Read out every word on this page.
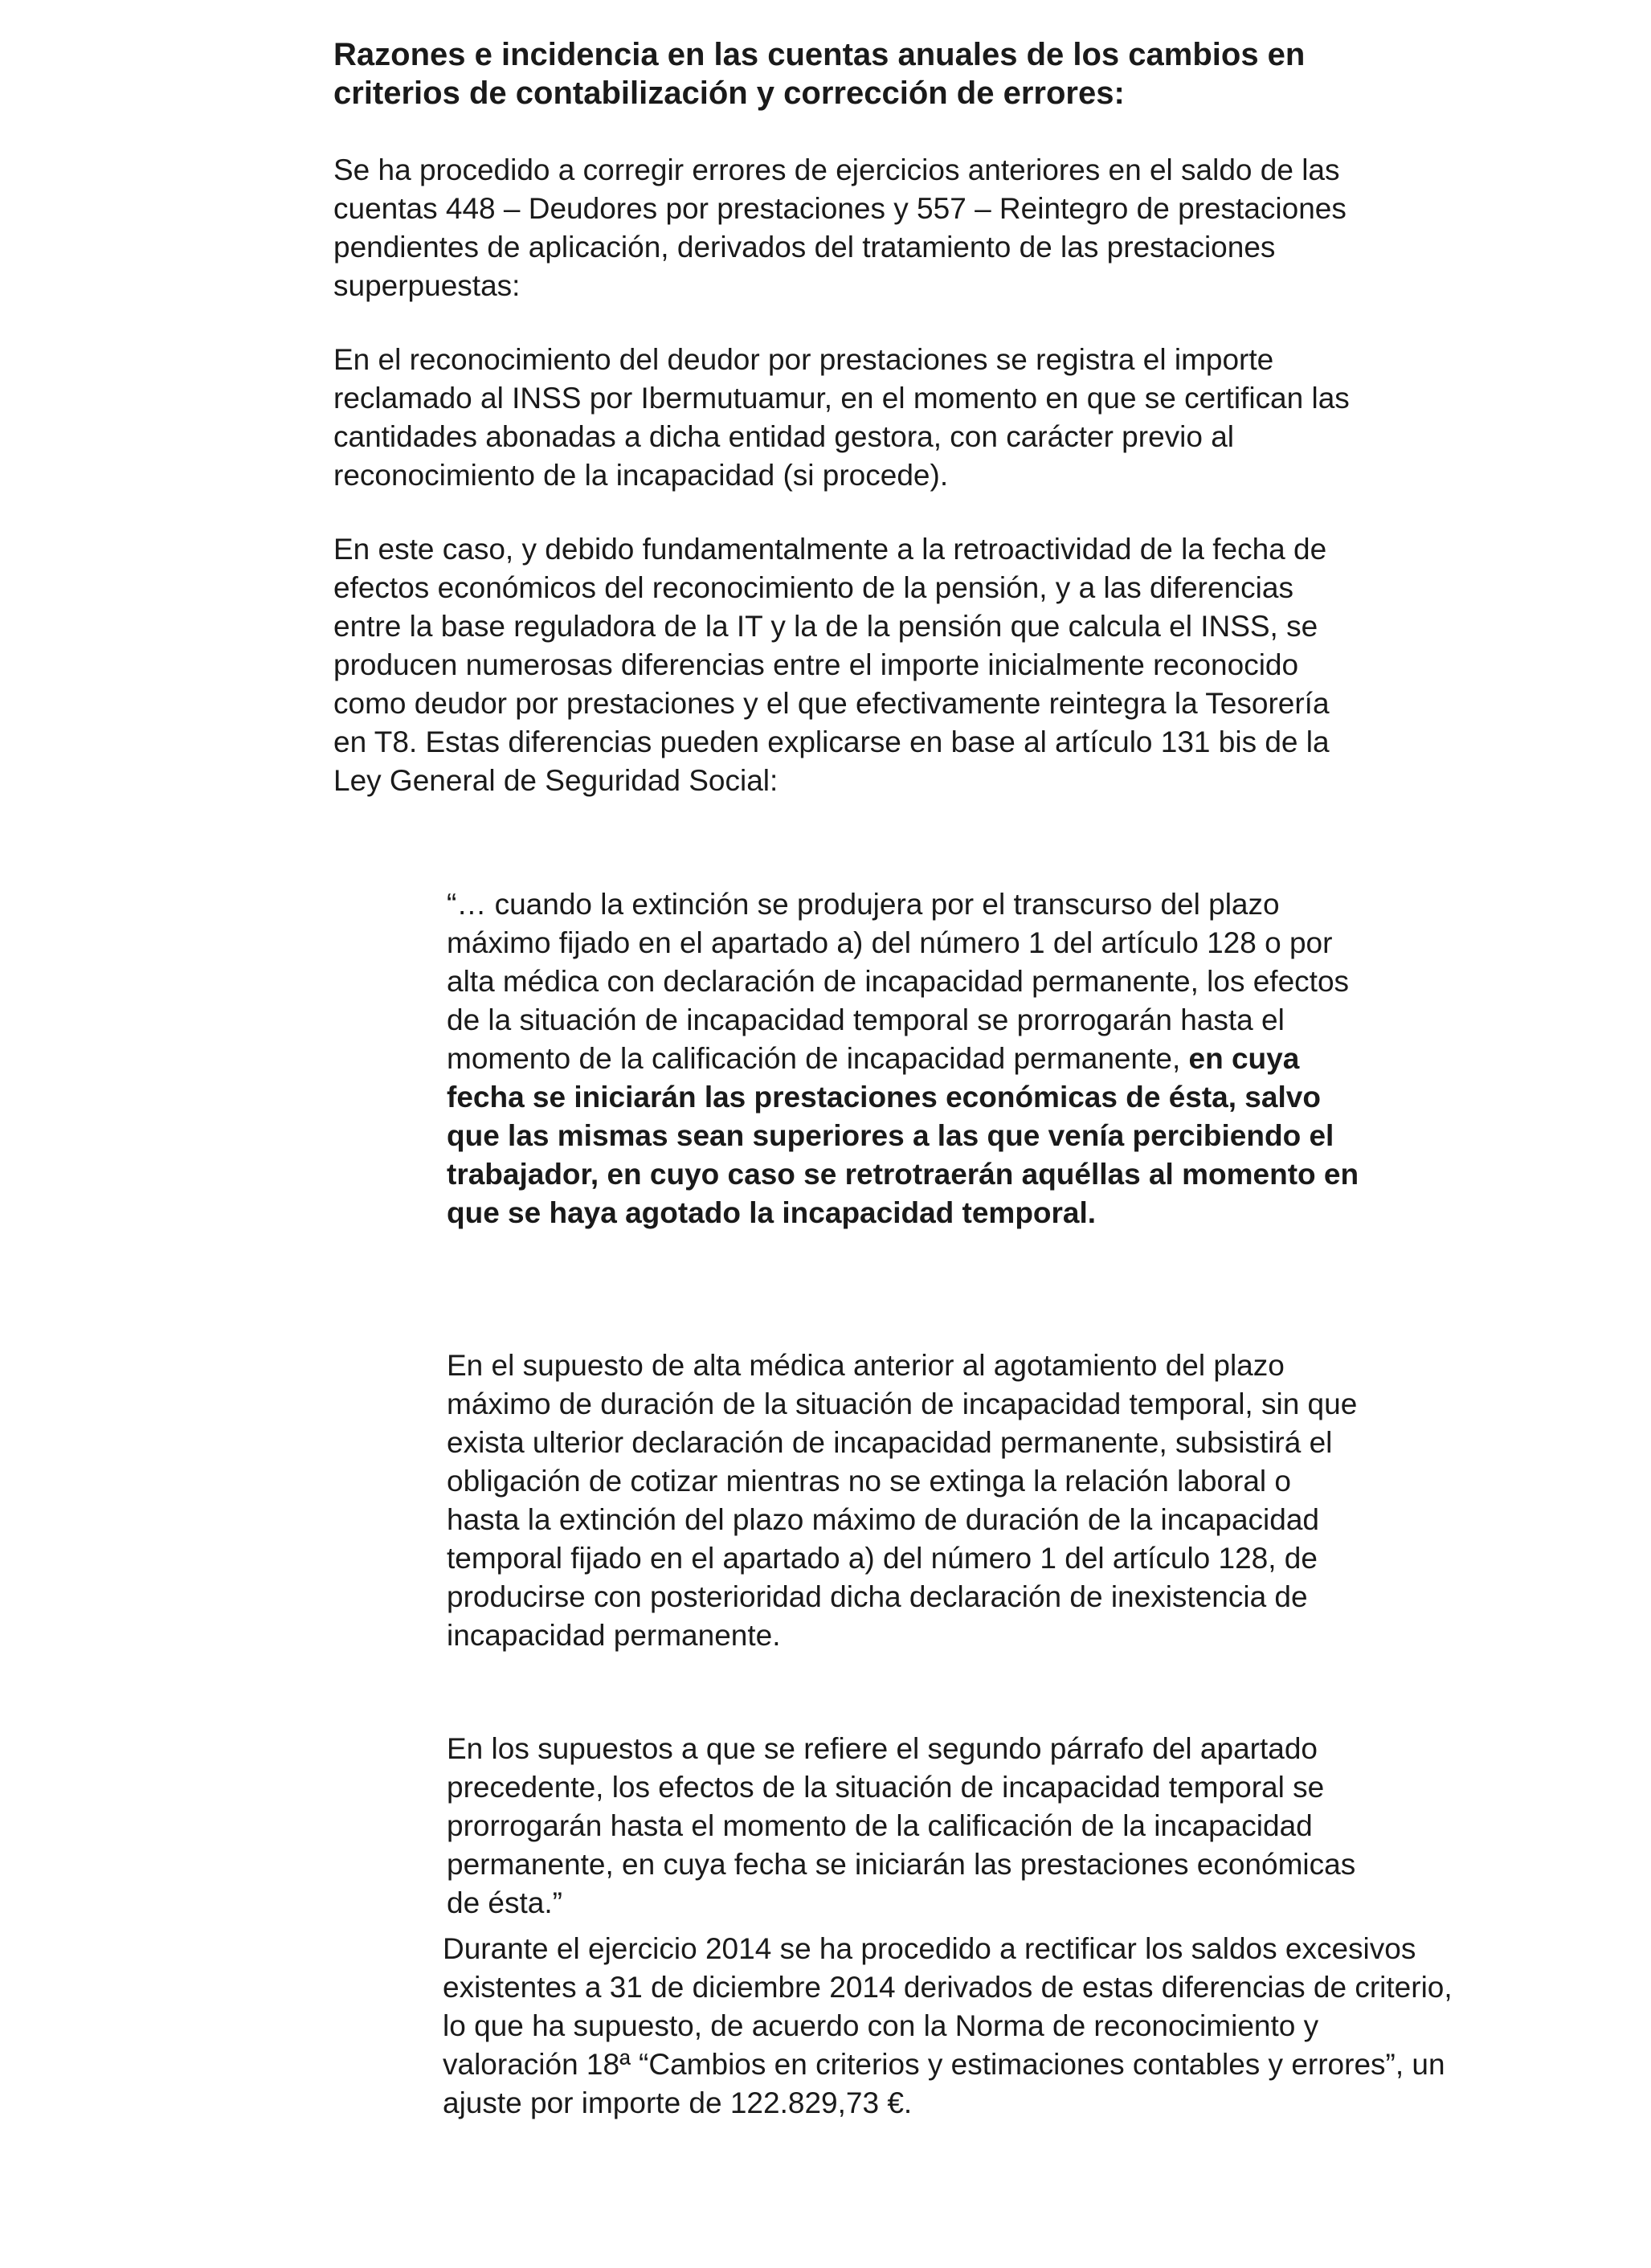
Razones e incidencia en las cuentas anuales de los cambios en criterios de contabilización y corrección de errores:

Se ha procedido a corregir errores de ejercicios anteriores en el saldo de las cuentas 448 – Deudores por prestaciones y 557 – Reintegro de prestaciones pendientes de aplicación, derivados del tratamiento de las prestaciones superpuestas:

En el reconocimiento del deudor por prestaciones se registra el importe reclamado al INSS por Ibermutuamur, en el momento en que se certifican las cantidades abonadas a dicha entidad gestora, con carácter previo al reconocimiento de la incapacidad (si procede).

En este caso, y debido fundamentalmente a la retroactividad de la fecha de efectos económicos del reconocimiento de la pensión, y a las diferencias entre la base reguladora de la IT y la de la pensión que calcula el INSS, se producen numerosas diferencias entre el importe inicialmente reconocido como deudor por prestaciones y el que efectivamente reintegra la Tesorería en T8. Estas diferencias pueden explicarse en base al artículo 131 bis de la Ley General de Seguridad Social:

“… cuando la extinción se produjera por el transcurso del plazo máximo fijado en el apartado a) del número 1 del artículo 128 o por alta médica con declaración de incapacidad permanente, los efectos de la situación de incapacidad temporal se prorrogarán hasta el momento de la calificación de incapacidad permanente, en cuya fecha se iniciarán las prestaciones económicas de ésta, salvo que las mismas sean superiores a las que venía percibiendo el trabajador, en cuyo caso se retrotraerán aquéllas al momento en que se haya agotado la incapacidad temporal.

En el supuesto de alta médica anterior al agotamiento del plazo máximo de duración de la situación de incapacidad temporal, sin que exista ulterior declaración de incapacidad permanente, subsistirá el obligación de cotizar mientras no se extinga la relación laboral o hasta la extinción del plazo máximo de duración de la incapacidad temporal fijado en el apartado a) del número 1 del artículo 128, de producirse con posterioridad dicha declaración de inexistencia de incapacidad permanente.

En los supuestos a que se refiere el segundo párrafo del apartado precedente, los efectos de la situación de incapacidad temporal se prorrogarán hasta el momento de la calificación de la incapacidad permanente, en cuya fecha se iniciarán las prestaciones económicas de ésta.”

Durante el ejercicio 2014 se ha procedido a rectificar los saldos excesivos existentes a 31 de diciembre 2014 derivados de estas diferencias de criterio, lo que ha supuesto, de acuerdo con la Norma de reconocimiento y valoración 18ª “Cambios en criterios y estimaciones contables y errores”, un ajuste por importe de 122.829,73 €.
